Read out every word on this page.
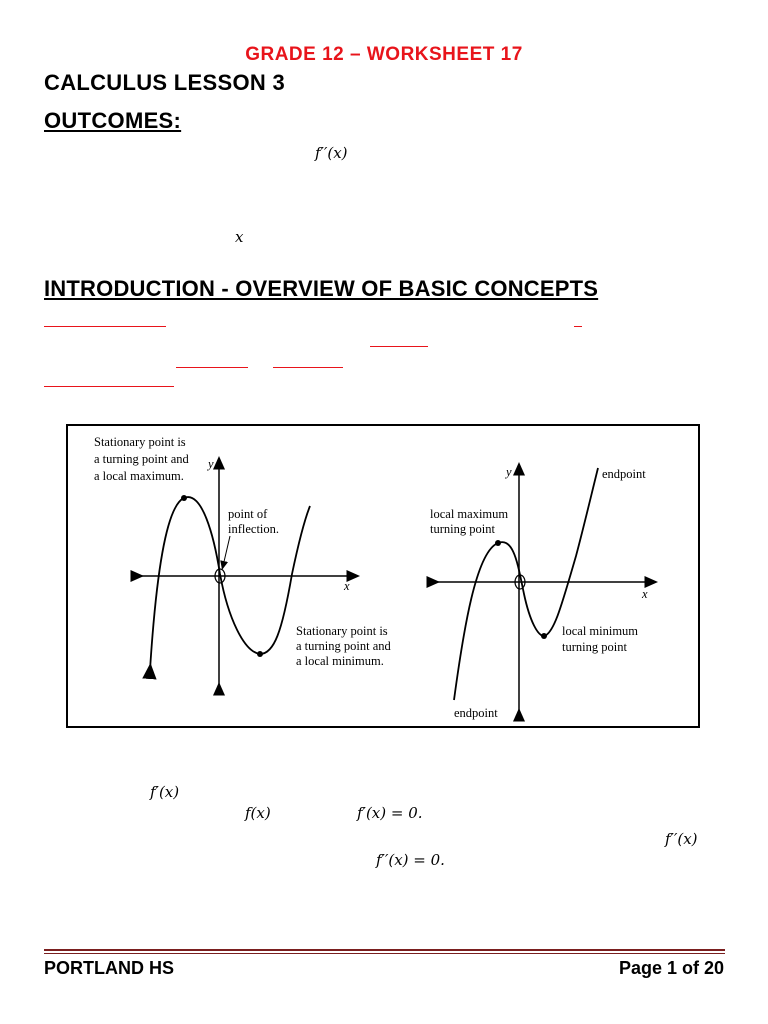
GRADE 12 – WORKSHEET 17
CALCULUS LESSON 3
OUTCOMES:
f′′(x)
x
INTRODUCTION - OVERVIEW OF BASIC CONCEPTS
y
x
Stationary point is
a turning point and
a local maximum.
point of
inflection.
Stationary point is
a turning point and
a local minimum.
y
x
endpoint
local maximum
turning point
local minimum
turning point
endpoint
f′(x)
f(x)	f′(x) = 0.
f′′(x)
f′′(x) = 0.
PORTLAND HS	Page 1 of 20
